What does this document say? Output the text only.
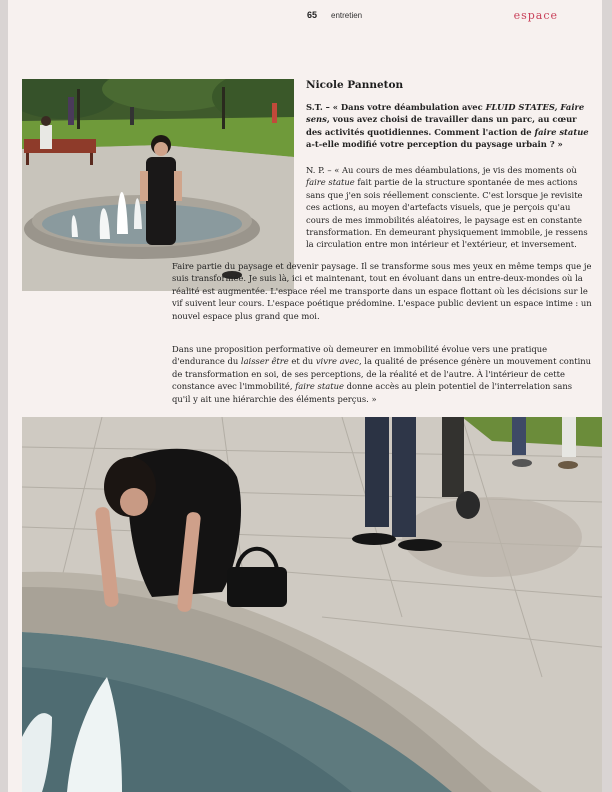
65 entretien	espace
Nicole Panneton

S.T. – « Dans votre déambulation avec FLUID STATES, Faire sens, vous avez choisi de travailler dans un parc, au cœur des activités quotidiennes. Comment l'action de faire statue a-t-elle modifié votre perception du paysage urbain ? »

N. P. – « Au cours de mes déambulations, je vis des moments où faire statue fait partie de la structure spontanée de mes actions sans que j'en sois réellement consciente. C'est lorsque je revisite ces actions, au moyen d'artefacts visuels, que je perçois qu'au cours de mes immobilités aléatoires, le paysage est en constante transformation. En demeurant physiquement immobile, je ressens la circulation entre mon intérieur et l'extérieur, et inversement.

Faire partie du paysage et devenir paysage. Il se transforme sous mes yeux en même temps que je suis transformée. Je suis là, ici et maintenant, tout en évoluant dans un entre-deux-mondes où la réalité est augmentée. L'espace réel me transporte dans un espace flottant où les décisions sur le vif suivent leur cours. L'espace poétique prédomine. L'espace public devient un espace intime : un nouvel espace plus grand que moi.

Dans une proposition performative où demeurer en immobilité évolue vers une pratique d'endurance du laisser être et du vivre avec, la qualité de présence génère un mouvement continu de transformation en soi, de ses perceptions, de la réalité et de l'autre. À l'intérieur de cette constance avec l'immobilité, faire statue donne accès au plein potentiel de l'interrelation sans qu'il y ait une hiérarchie des éléments perçus. »
